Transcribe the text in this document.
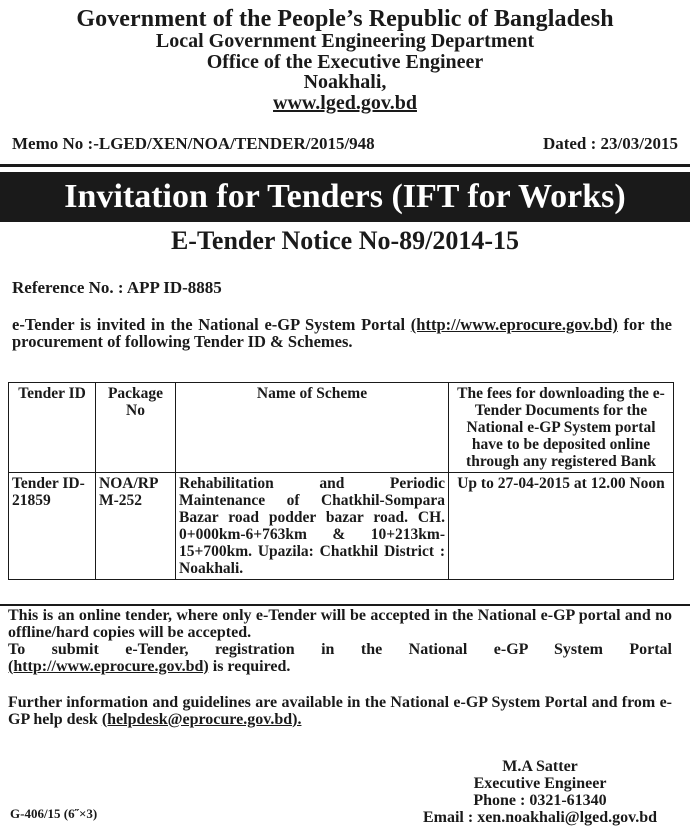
Government of the People’s Republic of Bangladesh
Local Government Engineering Department
Office of the Executive Engineer
Noakhali,
www.lged.gov.bd
Memo No :-LGED/XEN/NOA/TENDER/2015/948	Dated : 23/03/2015
Invitation for Tenders (IFT for Works)
E-Tender Notice No-89/2014-15
Reference No. : APP ID-8885
e-Tender is invited in the National e-GP System Portal (http://www.eprocure.gov.bd) for the procurement of following Tender ID & Schemes.
Tender ID	Package No	Name of Scheme	The fees for downloading the e-Tender Documents for the National e-GP System portal have to be deposited online through any registered Bank
Tender ID-21859	NOA/RP M-252	Rehabilitation and Periodic Maintenance of Chatkhil-Sompara Bazar road podder bazar road. CH. 0+000km-6+763km & 10+213km-15+700km. Upazila: Chatkhil District : Noakhali.	Up to 27-04-2015 at 12.00 Noon
This is an online tender, where only e-Tender will be accepted in the National e-GP portal and no offline/hard copies will be accepted.
To submit e-Tender, registration in the National e-GP System Portal (http://www.eprocure.gov.bd) is required.
Further information and guidelines are available in the National e-GP System Portal and from e-GP help desk (helpdesk@eprocure.gov.bd).
M.A Satter
Executive Engineer
Phone : 0321-61340
Email : xen.noakhali@lged.gov.bd
G-406/15 (6˝×3)
